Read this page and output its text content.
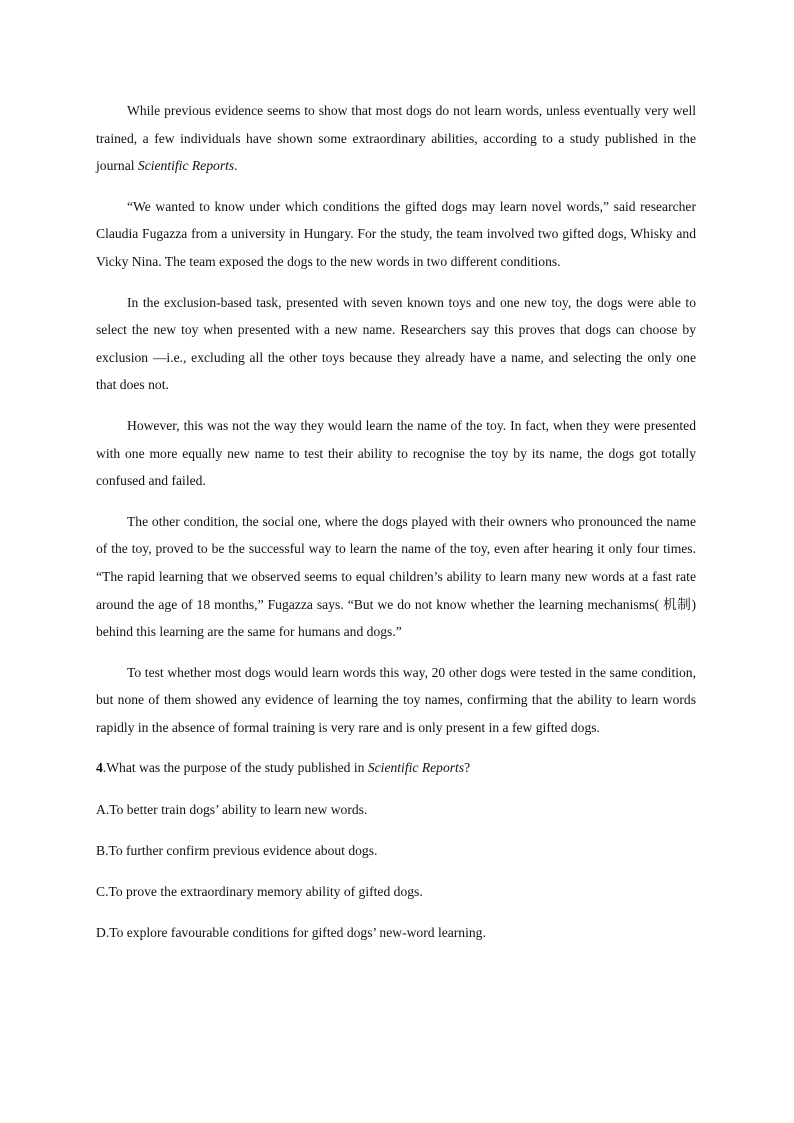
While previous evidence seems to show that most dogs do not learn words, unless eventually very well trained, a few individuals have shown some extraordinary abilities, according to a study published in the journal Scientific Reports.

“We wanted to know under which conditions the gifted dogs may learn novel words,” said researcher Claudia Fugazza from a university in Hungary. For the study, the team involved two gifted dogs, Whisky and Vicky Nina. The team exposed the dogs to the new words in two different conditions.

In the exclusion-based task, presented with seven known toys and one new toy, the dogs were able to select the new toy when presented with a new name. Researchers say this proves that dogs can choose by exclusion —i.e., excluding all the other toys because they already have a name, and selecting the only one that does not.

However, this was not the way they would learn the name of the toy. In fact, when they were presented with one more equally new name to test their ability to recognise the toy by its name, the dogs got totally confused and failed.

The other condition, the social one, where the dogs played with their owners who pronounced the name of the toy, proved to be the successful way to learn the name of the toy, even after hearing it only four times. “The rapid learning that we observed seems to equal children’s ability to learn many new words at a fast rate around the age of 18 months,” Fugazza says. “But we do not know whether the learning mechanisms( 机制) behind this learning are the same for humans and dogs.”

To test whether most dogs would learn words this way, 20 other dogs were tested in the same condition, but none of them showed any evidence of learning the toy names, confirming that the ability to learn words rapidly in the absence of formal training is very rare and is only present in a few gifted dogs.

4.What was the purpose of the study published in Scientific Reports?

A.To better train dogs’ ability to learn new words.

B.To further confirm previous evidence about dogs.

C.To prove the extraordinary memory ability of gifted dogs.

D.To explore favourable conditions for gifted dogs’ new-word learning.
